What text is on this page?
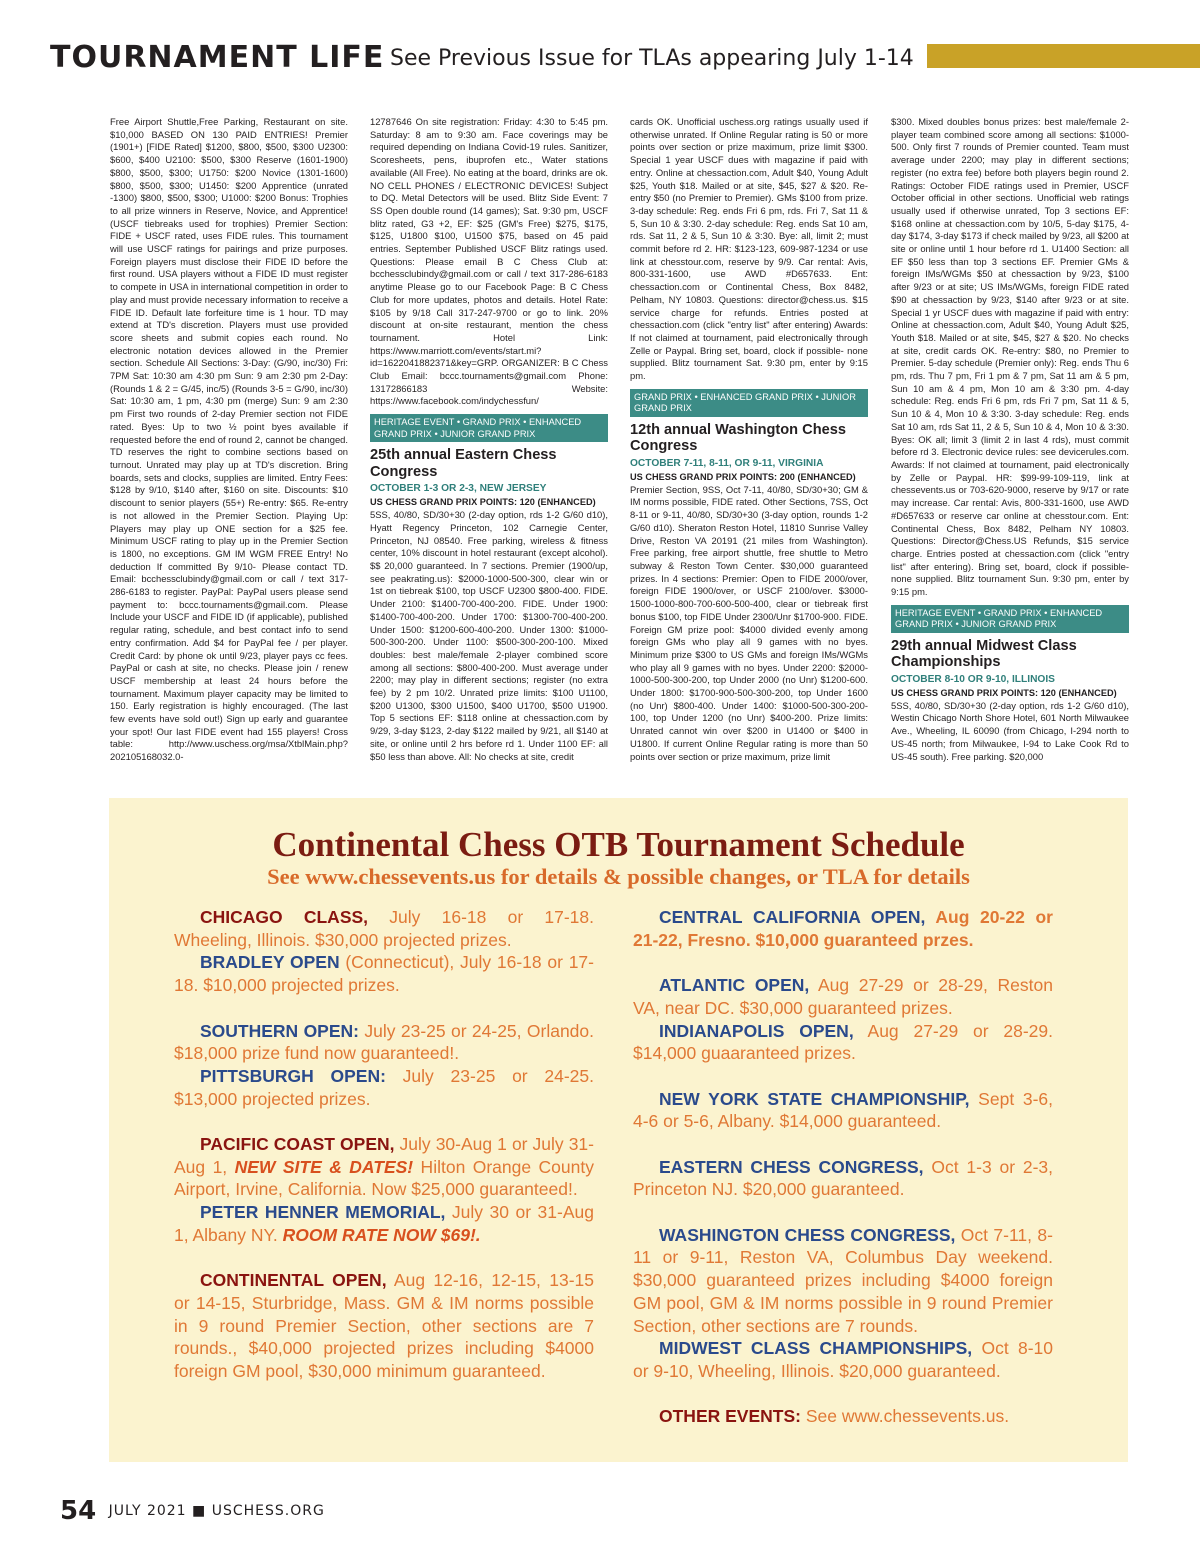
TOURNAMENT LIFE See Previous Issue for TLAs appearing July 1-14

Free Airport Shuttle,Free Parking, Restaurant on site. $10,000 BASED ON 130 PAID ENTRIES! Premier (1901+) [FIDE Rated] $1200, $800, $500, $300 U2300: $600, $400 U2100: $500, $300 Reserve (1601-1900) $800, $500, $300; U1750: $200 Novice (1301-1600) $800, $500, $300; U1450: $200 Apprentice (unrated -1300) $800, $500, $300; U1000: $200 Bonus: Trophies to all prize winners in Reserve, Novice, and Apprentice! (USCF tiebreaks used for trophies) Premier Section: FIDE + USCF rated, uses FIDE rules. This tournament will use USCF ratings for pairings and prize purposes. Foreign players must disclose their FIDE ID before the first round. USA players without a FIDE ID must register to compete in USA in international competition in order to play and must provide necessary information to receive a FIDE ID. Default late forfeiture time is 1 hour. TD may extend at TD's discretion. Players must use provided score sheets and submit copies each round. No electronic notation devices allowed in the Premier section. Schedule All Sections: 3-Day: (G/90, inc/30) Fri: 7PM Sat: 10:30 am 4:30 pm Sun: 9 am 2:30 pm 2-Day: (Rounds 1 & 2 = G/45, inc/5) (Rounds 3-5 = G/90, inc/30) Sat: 10:30 am, 1 pm, 4:30 pm (merge) Sun: 9 am 2:30 pm First two rounds of 2-day Premier section not FIDE rated. Byes: Up to two ½ point byes available if requested before the end of round 2, cannot be changed. TD reserves the right to combine sections based on turnout. Unrated may play up at TD's discretion. Bring boards, sets and clocks, supplies are limited. Entry Fees: $128 by 9/10, $140 after, $160 on site. Discounts: $10 discount to senior players (55+) Re-entry: $65. Re-entry is not allowed in the Premier Section. Playing Up: Players may play up ONE section for a $25 fee. Minimum USCF rating to play up in the Premier Section is 1800, no exceptions. GM IM WGM FREE Entry! No deduction If committed By 9/10- Please contact TD. Email: bcchessclubindy@gmail.com or call / text 317-286-6183 to register. PayPal: PayPal users please send payment to: bccc.tournaments@gmail.com. Please Include your USCF and FIDE ID (if applicable), published regular rating, schedule, and best contact info to send entry confirmation. Add $4 for PayPal fee / per player. Credit Card: by phone ok until 9/23, player pays cc fees. PayPal or cash at site, no checks. Please join / renew USCF membership at least 24 hours before the tournament. Maximum player capacity may be limited to 150. Early registration is highly encouraged. (The last few events have sold out!) Sign up early and guarantee your spot! Our last FIDE event had 155 players! Cross table: http://www.uschess.org/msa/XtblMain.php?202105168032.0-

12787646 On site registration: Friday: 4:30 to 5:45 pm. Saturday: 8 am to 9:30 am. Face coverings may be required depending on Indiana Covid-19 rules. Sanitizer, Scoresheets, pens, ibuprofen etc., Water stations available (All Free). No eating at the board, drinks are ok. NO CELL PHONES / ELECTRONIC DEVICES! Subject to DQ. Metal Detectors will be used. Blitz Side Event: 7 SS Open double round (14 games); Sat. 9:30 pm, USCF blitz rated, G3 +2, EF: $25 (GM's Free) $275, $175, $125, U1800 $100, U1500 $75, based on 45 paid entries. September Published USCF Blitz ratings used. Questions: Please email B C Chess Club at: bcchessclubindy@gmail.com or call / text 317-286-6183 anytime Please go to our Facebook Page: B C Chess Club for more updates, photos and details. Hotel Rate: $105 by 9/18 Call 317-247-9700 or go to link. 20% discount at on-site restaurant, mention the chess tournament. Hotel Link: https://www.marriott.com/events/start.mi?id=1622041882371&key=GRP. ORGANIZER: B C Chess Club Email: bccc.tournaments@gmail.com Phone: 13172866183 Website: https://www.facebook.com/indychessfun/

HERITAGE EVENT • GRAND PRIX • ENHANCED GRAND PRIX • JUNIOR GRAND PRIX
25th annual Eastern Chess Congress
OCTOBER 1-3 OR 2-3, NEW JERSEY
US CHESS GRAND PRIX POINTS: 120 (ENHANCED)

5SS, 40/80, SD/30+30 (2-day option, rds 1-2 G/60 d10), Hyatt Regency Princeton, 102 Carnegie Center, Princeton, NJ 08540. Free parking, wireless & fitness center, 10% discount in hotel restaurant (except alcohol). $$ 20,000 guaranteed. In 7 sections. Premier (1900/up, see peakrating.us): $2000-1000-500-300, clear win or 1st on tiebreak $100, top USCF U2300 $800-400. FIDE. Under 2100: $1400-700-400-200. FIDE. Under 1900: $1400-700-400-200. Under 1700: $1300-700-400-200. Under 1500: $1200-600-400-200. Under 1300: $1000-500-300-200. Under 1100: $500-300-200-100. Mixed doubles: best male/female 2-player combined score among all sections: $800-400-200. Must average under 2200; may play in different sections; register (no extra fee) by 2 pm 10/2. Unrated prize limits: $100 U1100, $200 U1300, $300 U1500, $400 U1700, $500 U1900. Top 5 sections EF: $118 online at chessaction.com by 9/29, 3-day $123, 2-day $122 mailed by 9/21, all $140 at site, or online until 2 hrs before rd 1. Under 1100 EF: all $50 less than above. All: No checks at site, credit

cards OK. Unofficial uschess.org ratings usually used if otherwise unrated. If Online Regular rating is 50 or more points over section or prize maximum, prize limit $300. Special 1 year USCF dues with magazine if paid with entry. Online at chessaction.com, Adult $40, Young Adult $25, Youth $18. Mailed or at site, $45, $27 & $20. Re-entry $50 (no Premier to Premier). GMs $100 from prize. 3-day schedule: Reg. ends Fri 6 pm, rds. Fri 7, Sat 11 & 5, Sun 10 & 3:30. 2-day schedule: Reg. ends Sat 10 am, rds. Sat 11, 2 & 5, Sun 10 & 3:30. Bye: all, limit 2; must commit before rd 2. HR: $123-123, 609-987-1234 or use link at chesstour.com, reserve by 9/9. Car rental: Avis, 800-331-1600, use AWD #D657633. Ent: chessaction.com or Continental Chess, Box 8482, Pelham, NY 10803. Questions: director@chess.us. $15 service charge for refunds. Entries posted at chessaction.com (click "entry list" after entering) Awards: If not claimed at tournament, paid electronically through Zelle or Paypal. Bring set, board, clock if possible- none supplied. Blitz tournament Sat. 9:30 pm, enter by 9:15 pm.

GRAND PRIX • ENHANCED GRAND PRIX • JUNIOR GRAND PRIX
12th annual Washington Chess Congress
OCTOBER 7-11, 8-11, OR 9-11, VIRGINIA
US CHESS GRAND PRIX POINTS: 200 (ENHANCED)

Premier Section, 9SS, Oct 7-11, 40/80, SD/30+30; GM & IM norms possible, FIDE rated. Other Sections, 7SS, Oct 8-11 or 9-11, 40/80, SD/30+30 (3-day option, rounds 1-2 G/60 d10). Sheraton Reston Hotel, 11810 Sunrise Valley Drive, Reston VA 20191 (21 miles from Washington). Free parking, free airport shuttle, free shuttle to Metro subway & Reston Town Center. $30,000 guaranteed prizes. In 4 sections: Premier: Open to FIDE 2000/over, foreign FIDE 1900/over, or USCF 2100/over. $3000-1500-1000-800-700-600-500-400, clear or tiebreak first bonus $100, top FIDE Under 2300/Unr $1700-900. FIDE. Foreign GM prize pool: $4000 divided evenly among foreign GMs who play all 9 games with no byes. Minimum prize $300 to US GMs and foreign IMs/WGMs who play all 9 games with no byes. Under 2200: $2000-1000-500-300-200, top Under 2000 (no Unr) $1200-600. Under 1800: $1700-900-500-300-200, top Under 1600 (no Unr) $800-400. Under 1400: $1000-500-300-200-100, top Under 1200 (no Unr) $400-200. Prize limits: Unrated cannot win over $200 in U1400 or $400 in U1800. If current Online Regular rating is more than 50 points over section or prize maximum, prize limit

$300. Mixed doubles bonus prizes: best male/female 2-player team combined score among all sections: $1000-500. Only first 7 rounds of Premier counted. Team must average under 2200; may play in different sections; register (no extra fee) before both players begin round 2. Ratings: October FIDE ratings used in Premier, USCF October official in other sections. Unofficial web ratings usually used if otherwise unrated, Top 3 sections EF: $168 online at chessaction.com by 10/5, 5-day $175, 4-day $174, 3-day $173 if check mailed by 9/23, all $200 at site or online until 1 hour before rd 1. U1400 Section: all EF $50 less than top 3 sections EF. Premier GMs & foreign IMs/WGMs $50 at chessaction by 9/23, $100 after 9/23 or at site; US IMs/WGMs, foreign FIDE rated $90 at chessaction by 9/23, $140 after 9/23 or at site. Special 1 yr USCF dues with magazine if paid with entry: Online at chessaction.com, Adult $40, Young Adult $25, Youth $18. Mailed or at site, $45, $27 & $20. No checks at site, credit cards OK. Re-entry: $80, no Premier to Premier. 5-day schedule (Premier only): Reg. ends Thu 6 pm, rds. Thu 7 pm, Fri 1 pm & 7 pm, Sat 11 am & 5 pm, Sun 10 am & 4 pm, Mon 10 am & 3:30 pm. 4-day schedule: Reg. ends Fri 6 pm, rds Fri 7 pm, Sat 11 & 5, Sun 10 & 4, Mon 10 & 3:30. 3-day schedule: Reg. ends Sat 10 am, rds Sat 11, 2 & 5, Sun 10 & 4, Mon 10 & 3:30. Byes: OK all; limit 3 (limit 2 in last 4 rds), must commit before rd 3. Electronic device rules: see devicerules.com. Awards: If not claimed at tournament, paid electronically by Zelle or Paypal. HR: $99-99-109-119, link at chessevents.us or 703-620-9000, reserve by 9/17 or rate may increase. Car rental: Avis, 800-331-1600, use AWD #D657633 or reserve car online at chesstour.com. Ent: Continental Chess, Box 8482, Pelham NY 10803. Questions: Director@Chess.US Refunds, $15 service charge. Entries posted at chessaction.com (click "entry list" after entering). Bring set, board, clock if possible- none supplied. Blitz tournament Sun. 9:30 pm, enter by 9:15 pm.

HERITAGE EVENT • GRAND PRIX • ENHANCED GRAND PRIX • JUNIOR GRAND PRIX
29th annual Midwest Class Championships
OCTOBER 8-10 OR 9-10, ILLINOIS
US CHESS GRAND PRIX POINTS: 120 (ENHANCED)

5SS, 40/80, SD/30+30 (2-day option, rds 1-2 G/60 d10), Westin Chicago North Shore Hotel, 601 North Milwaukee Ave., Wheeling, IL 60090 (from Chicago, I-294 north to US-45 north; from Milwaukee, I-94 to Lake Cook Rd to US-45 south). Free parking. $20,000

Continental Chess OTB Tournament Schedule
See www.chessevents.us for details & possible changes, or TLA for details

CHICAGO CLASS, July 16-18 or 17-18. Wheeling, Illinois. $30,000 projected prizes.

BRADLEY OPEN (Connecticut), July 16-18 or 17-18. $10,000 projected prizes.

SOUTHERN OPEN: July 23-25 or 24-25, Orlando. $18,000 prize fund now guaranteed!.

PITTSBURGH OPEN: July 23-25 or 24-25. $13,000 projected prizes.

PACIFIC COAST OPEN, July 30-Aug 1 or July 31-Aug 1, NEW SITE & DATES! Hilton Orange County Airport, Irvine, California. Now $25,000 guaranteed!.

PETER HENNER MEMORIAL, July 30 or 31-Aug 1, Albany NY. ROOM RATE NOW $69!.

CONTINENTAL OPEN, Aug 12-16, 12-15, 13-15 or 14-15, Sturbridge, Mass. GM & IM norms possible in 9 round Premier Section, other sections are 7 rounds., $40,000 projected prizes including $4000 foreign GM pool, $30,000 minimum guaranteed.

CENTRAL CALIFORNIA OPEN, Aug 20-22 or 21-22, Fresno. $10,000 guaranteed przes.

ATLANTIC OPEN, Aug 27-29 or 28-29, Reston VA, near DC. $30,000 guaranteed prizes.

INDIANAPOLIS OPEN, Aug 27-29 or 28-29. $14,000 guaaranteed prizes.

NEW YORK STATE CHAMPIONSHIP, Sept 3-6, 4-6 or 5-6, Albany. $14,000 guaranteed.

EASTERN CHESS CONGRESS, Oct 1-3 or 2-3, Princeton NJ. $20,000 guaranteed.

WASHINGTON CHESS CONGRESS, Oct 7-11, 8-11 or 9-11, Reston VA, Columbus Day weekend. $30,000 guaranteed prizes including $4000 foreign GM pool, GM & IM norms possible in 9 round Premier Section, other sections are 7 rounds.

MIDWEST CLASS CHAMPIONSHIPS, Oct 8-10 or 9-10, Wheeling, Illinois. $20,000 guaranteed.

OTHER EVENTS: See www.chessevents.us.

54 JULY 2021 ■ USCHESS.ORG
